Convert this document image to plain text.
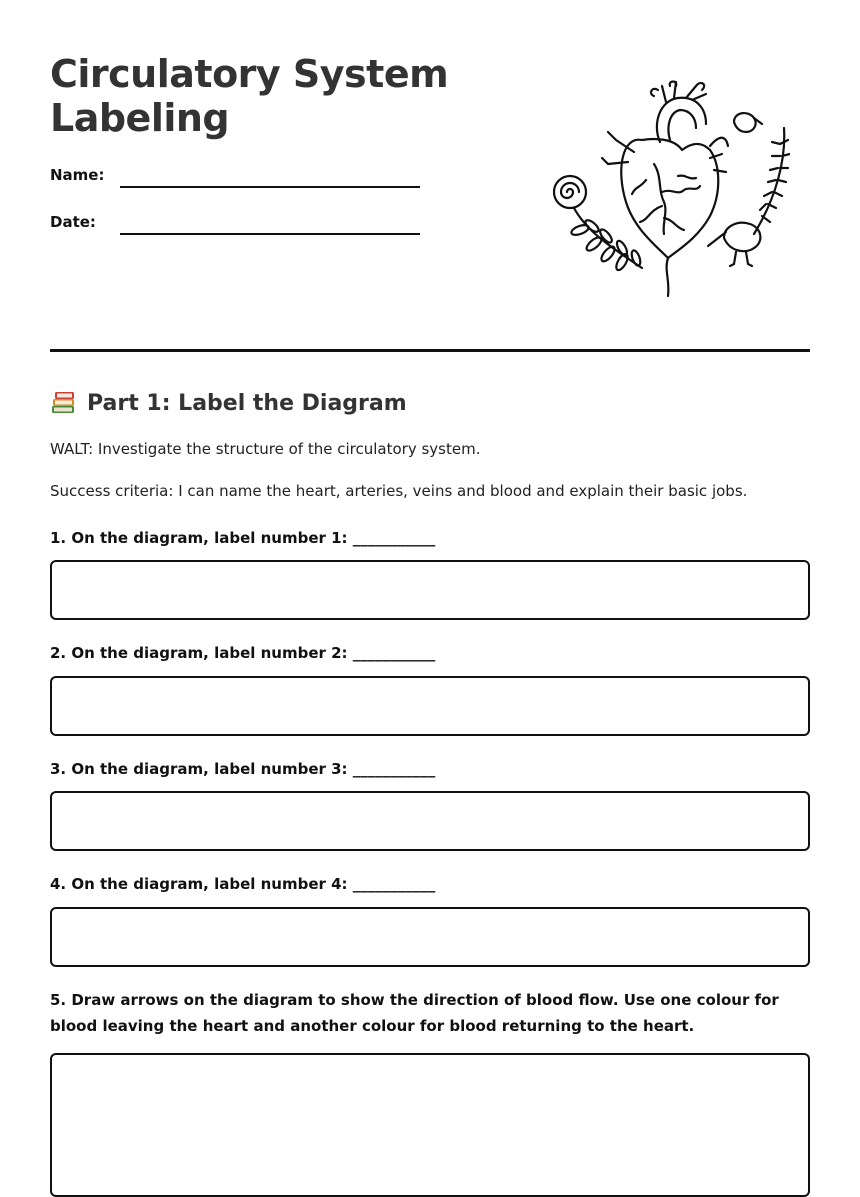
Circulatory System Labeling
Name:
Date:
Part 1: Label the Diagram
WALT: Investigate the structure of the circulatory system.
Success criteria: I can name the heart, arteries, veins and blood and explain their basic jobs.
1. On the diagram, label number 1: ___________
2. On the diagram, label number 2: ___________
3. On the diagram, label number 3: ___________
4. On the diagram, label number 4: ___________
5. Draw arrows on the diagram to show the direction of blood flow. Use one colour for blood leaving the heart and another colour for blood returning to the heart.
